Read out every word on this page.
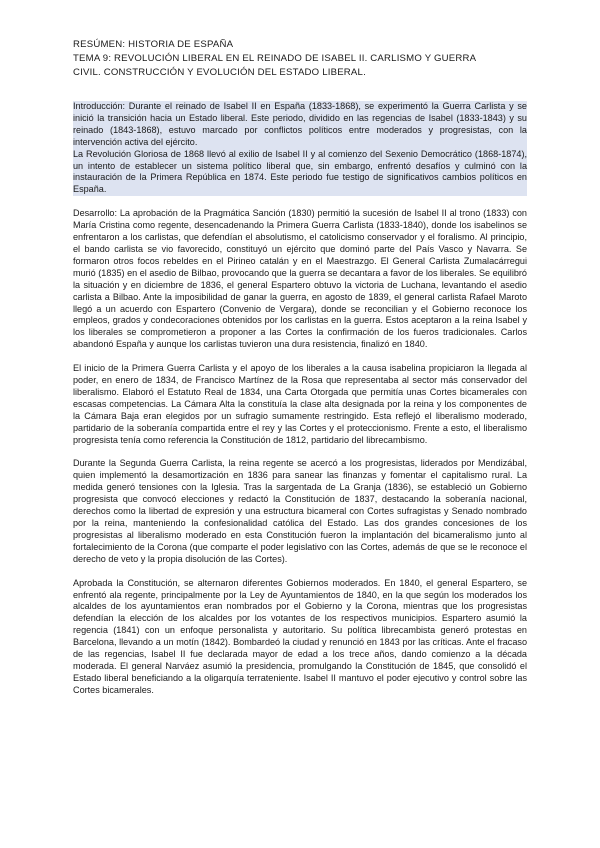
RESÚMEN: HISTORIA DE ESPAÑA
TEMA 9: REVOLUCIÓN LIBERAL EN EL REINADO DE ISABEL II. CARLISMO Y GUERRA
CIVIL. CONSTRUCCIÓN Y EVOLUCIÓN DEL ESTADO LIBERAL.

Introducción: Durante el reinado de Isabel II en España (1833-1868), se experimentó la Guerra Carlista y se inició la transición hacia un Estado liberal. Este periodo, dividido en las regencias de Isabel (1833-1843) y su reinado (1843-1868), estuvo marcado por conflictos políticos entre moderados y progresistas, con la intervención activa del ejército.

La Revolución Gloriosa de 1868 llevó al exilio de Isabel II y al comienzo del Sexenio Democrático (1868-1874), un intento de establecer un sistema político liberal que, sin embargo, enfrentó desafíos y culminó con la instauración de la Primera República en 1874. Este periodo fue testigo de significativos cambios políticos en España.

Desarrollo: La aprobación de la Pragmática Sanción (1830) permitió la sucesión de Isabel II al trono (1833) con María Cristina como regente, desencadenando la Primera Guerra Carlista (1833-1840), donde los isabelinos se enfrentaron a los carlistas, que defendían el absolutismo, el catolicismo conservador y el foralismo. Al principio, el bando carlista se vio favorecido, constituyó un ejército que dominó parte del País Vasco y Navarra. Se formaron otros focos rebeldes en el Pirineo catalán y en el Maestrazgo. El General Carlista Zumalacárregui murió (1835) en el asedio de Bilbao, provocando que la guerra se decantara a favor de los liberales. Se equilibró la situación y en diciembre de 1836, el general Espartero obtuvo la victoria de Luchana, levantando el asedio carlista a Bilbao. Ante la imposibilidad de ganar la guerra, en agosto de 1839, el general carlista Rafael Maroto llegó a un acuerdo con Espartero (Convenio de Vergara), donde se reconcilian y el Gobierno reconoce los empleos, grados y condecoraciones obtenidos por los carlistas en la guerra. Estos aceptaron a la reina Isabel y los liberales se comprometieron a proponer a las Cortes la confirmación de los fueros tradicionales. Carlos abandonó España y aunque los carlistas tuvieron una dura resistencia, finalizó en 1840.

El inicio de la Primera Guerra Carlista y el apoyo de los liberales a la causa isabelina propiciaron la llegada al poder, en enero de 1834, de Francisco Martínez de la Rosa que representaba al sector más conservador del liberalismo. Elaboró el Estatuto Real de 1834, una Carta Otorgada que permitía unas Cortes bicamerales con escasas competencias. La Cámara Alta la constituía la clase alta designada por la reina y los componentes de la Cámara Baja eran elegidos por un sufragio sumamente restringido. Esta reflejó el liberalismo moderado, partidario de la soberanía compartida entre el rey y las Cortes y el proteccionismo. Frente a esto, el liberalismo progresista tenía como referencia la Constitución de 1812, partidario del librecambismo.

Durante la Segunda Guerra Carlista, la reina regente se acercó a los progresistas, liderados por Mendizábal, quien implementó la desamortización en 1836 para sanear las finanzas y fomentar el capitalismo rural. La medida generó tensiones con la Iglesia. Tras la sargentada de La Granja (1836), se estableció un Gobierno progresista que convocó elecciones y redactó la Constitución de 1837, destacando la soberanía nacional, derechos como la libertad de expresión y una estructura bicameral con Cortes sufragistas y Senado nombrado por la reina, manteniendo la confesionalidad católica del Estado. Las dos grandes concesiones de los progresistas al liberalismo moderado en esta Constitución fueron la implantación del bicameralismo junto al fortalecimiento de la Corona (que comparte el poder legislativo con las Cortes, además de que se le reconoce el derecho de veto y la propia disolución de las Cortes).

Aprobada la Constitución, se alternaron diferentes Gobiernos moderados. En 1840, el general Espartero, se enfrentó ala regente, principalmente por la Ley de Ayuntamientos de 1840, en la que según los moderados los alcaldes de los ayuntamientos eran nombrados por el Gobierno y la Corona, mientras que los progresistas defendían la elección de los alcaldes por los votantes de los respectivos municipios. Espartero asumió la regencia (1841) con un enfoque personalista y autoritario. Su política librecambista generó protestas en Barcelona, llevando a un motín (1842). Bombardeó la ciudad y renunció en 1843 por las críticas. Ante el fracaso de las regencias, Isabel II fue declarada mayor de edad a los trece años, dando comienzo a la década moderada. El general Narváez asumió la presidencia, promulgando la Constitución de 1845, que consolidó el Estado liberal beneficiando a la oligarquía terrateniente. Isabel II mantuvo el poder ejecutivo y control sobre las Cortes bicamerales.
